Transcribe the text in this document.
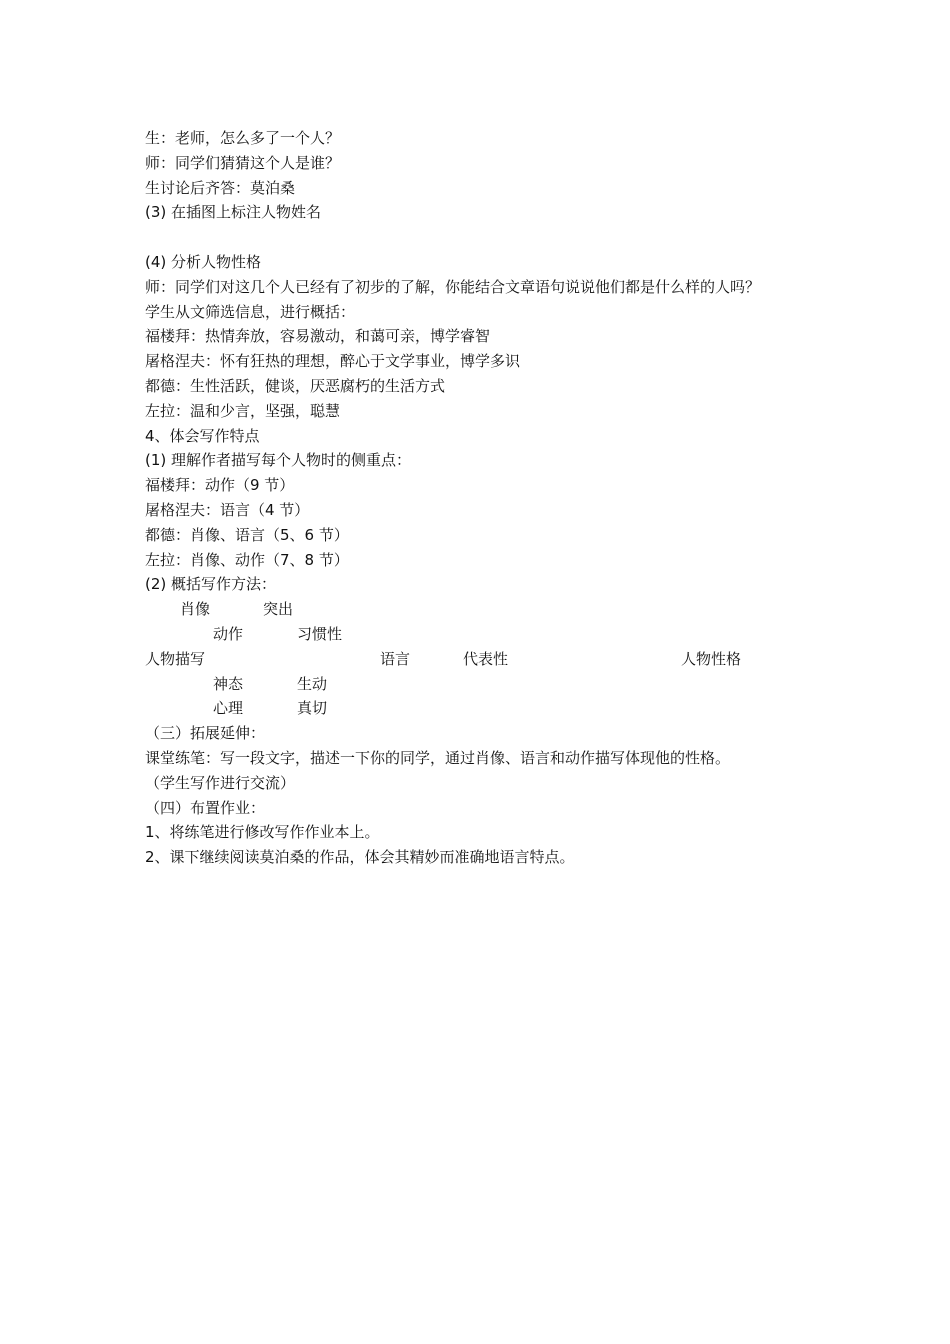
生：老师，怎么多了一个人？
师：同学们猜猜这个人是谁？
生讨论后齐答：莫泊桑
(3) 在插图上标注人物姓名
(4) 分析人物性格
师：同学们对这几个人已经有了初步的了解，你能结合文章语句说说他们都是什么样的人吗？
学生从文筛选信息，进行概括：
福楼拜：热情奔放，容易激动，和蔼可亲，博学睿智
屠格涅夫：怀有狂热的理想，醉心于文学事业，博学多识
都德：生性活跃，健谈，厌恶腐朽的生活方式
左拉：温和少言，坚强，聪慧
4、体会写作特点
(1) 理解作者描写每个人物时的侧重点：
福楼拜：动作（9 节）
屠格涅夫：语言（4 节）
都德：肖像、语言（5、6 节）
左拉：肖像、动作（7、8 节）
(2) 概括写作方法：
肖像	突出
动作	习惯性
人物描写	语言	代表性	人物性格
神态	生动
心理	真切
（三）拓展延伸：
课堂练笔：写一段文字，描述一下你的同学，通过肖像、语言和动作描写体现他的性格。
（学生写作进行交流）
（四）布置作业：
1、将练笔进行修改写作作业本上。
2、课下继续阅读莫泊桑的作品，体会其精妙而准确地语言特点。
